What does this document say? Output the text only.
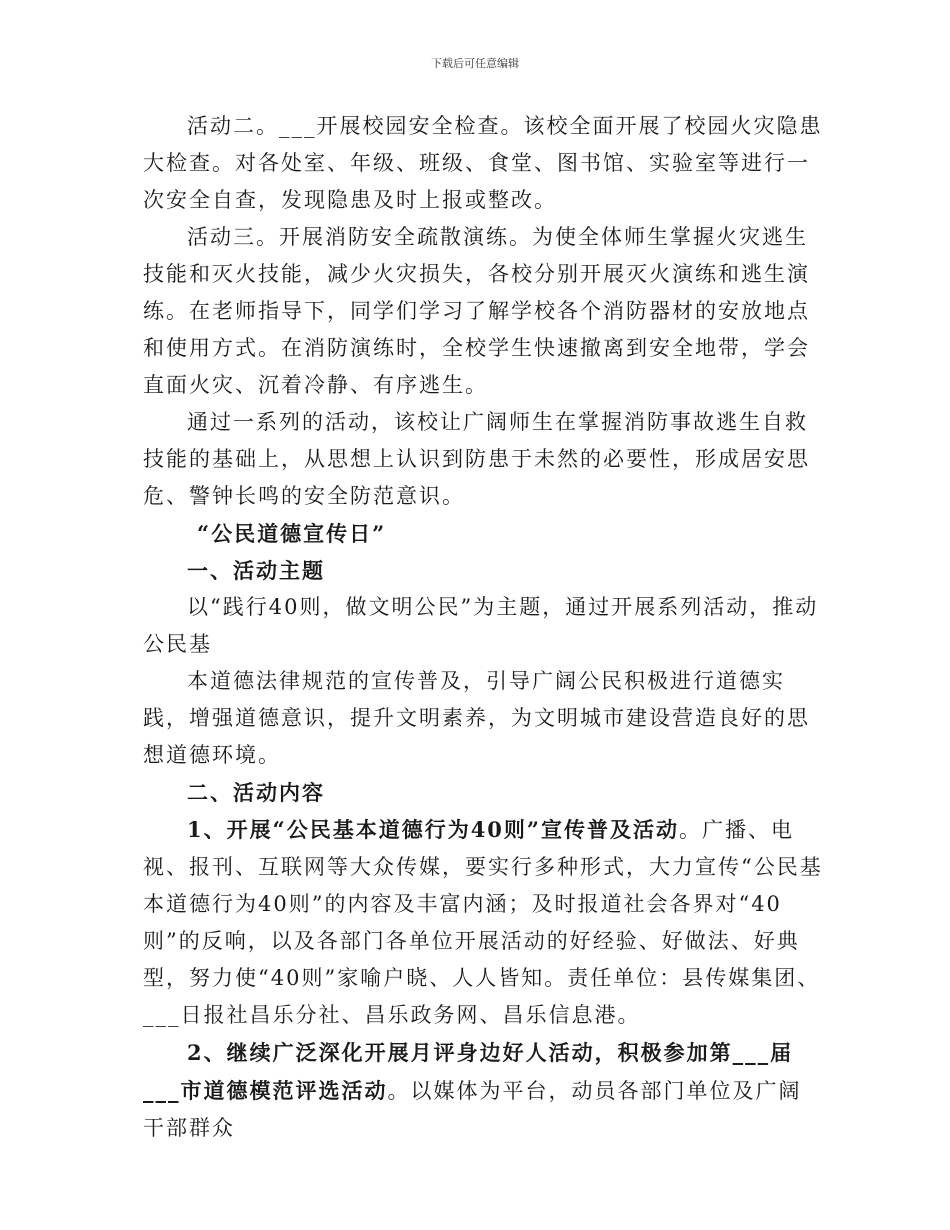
下载后可任意编辑

活动二。___开展校园安全检查。该校全面开展了校园火灾隐患大检查。对各处室、年级、班级、食堂、图书馆、实验室等进行一次安全自查，发现隐患及时上报或整改。

活动三。开展消防安全疏散演练。为使全体师生掌握火灾逃生技能和灭火技能，减少火灾损失，各校分别开展灭火演练和逃生演练。在老师指导下，同学们学习了解学校各个消防器材的安放地点和使用方式。在消防演练时，全校学生快速撤离到安全地带，学会直面火灾、沉着冷静、有序逃生。

通过一系列的活动，该校让广阔师生在掌握消防事故逃生自救技能的基础上，从思想上认识到防患于未然的必要性，形成居安思危、警钟长鸣的安全防范意识。

“公民道德宣传日”

一、活动主题

以“践行40则，做文明公民”为主题，通过开展系列活动，推动公民基

本道德法律规范的宣传普及，引导广阔公民积极进行道德实践，增强道德意识，提升文明素养，为文明城市建设营造良好的思想道德环境。

二、活动内容

1、开展“公民基本道德行为40则”宣传普及活动。广播、电视、报刊、互联网等大众传媒，要实行多种形式，大力宣传“公民基本道德行为40则”的内容及丰富内涵；及时报道社会各界对“40则”的反响，以及各部门各单位开展活动的好经验、好做法、好典型，努力使“40则”家喻户晓、人人皆知。责任单位：县传媒集团、___日报社昌乐分社、昌乐政务网、昌乐信息港。

2、继续广泛深化开展月评身边好人活动，积极参加第___届___市道德模范评选活动。以媒体为平台，动员各部门单位及广阔干部群众
